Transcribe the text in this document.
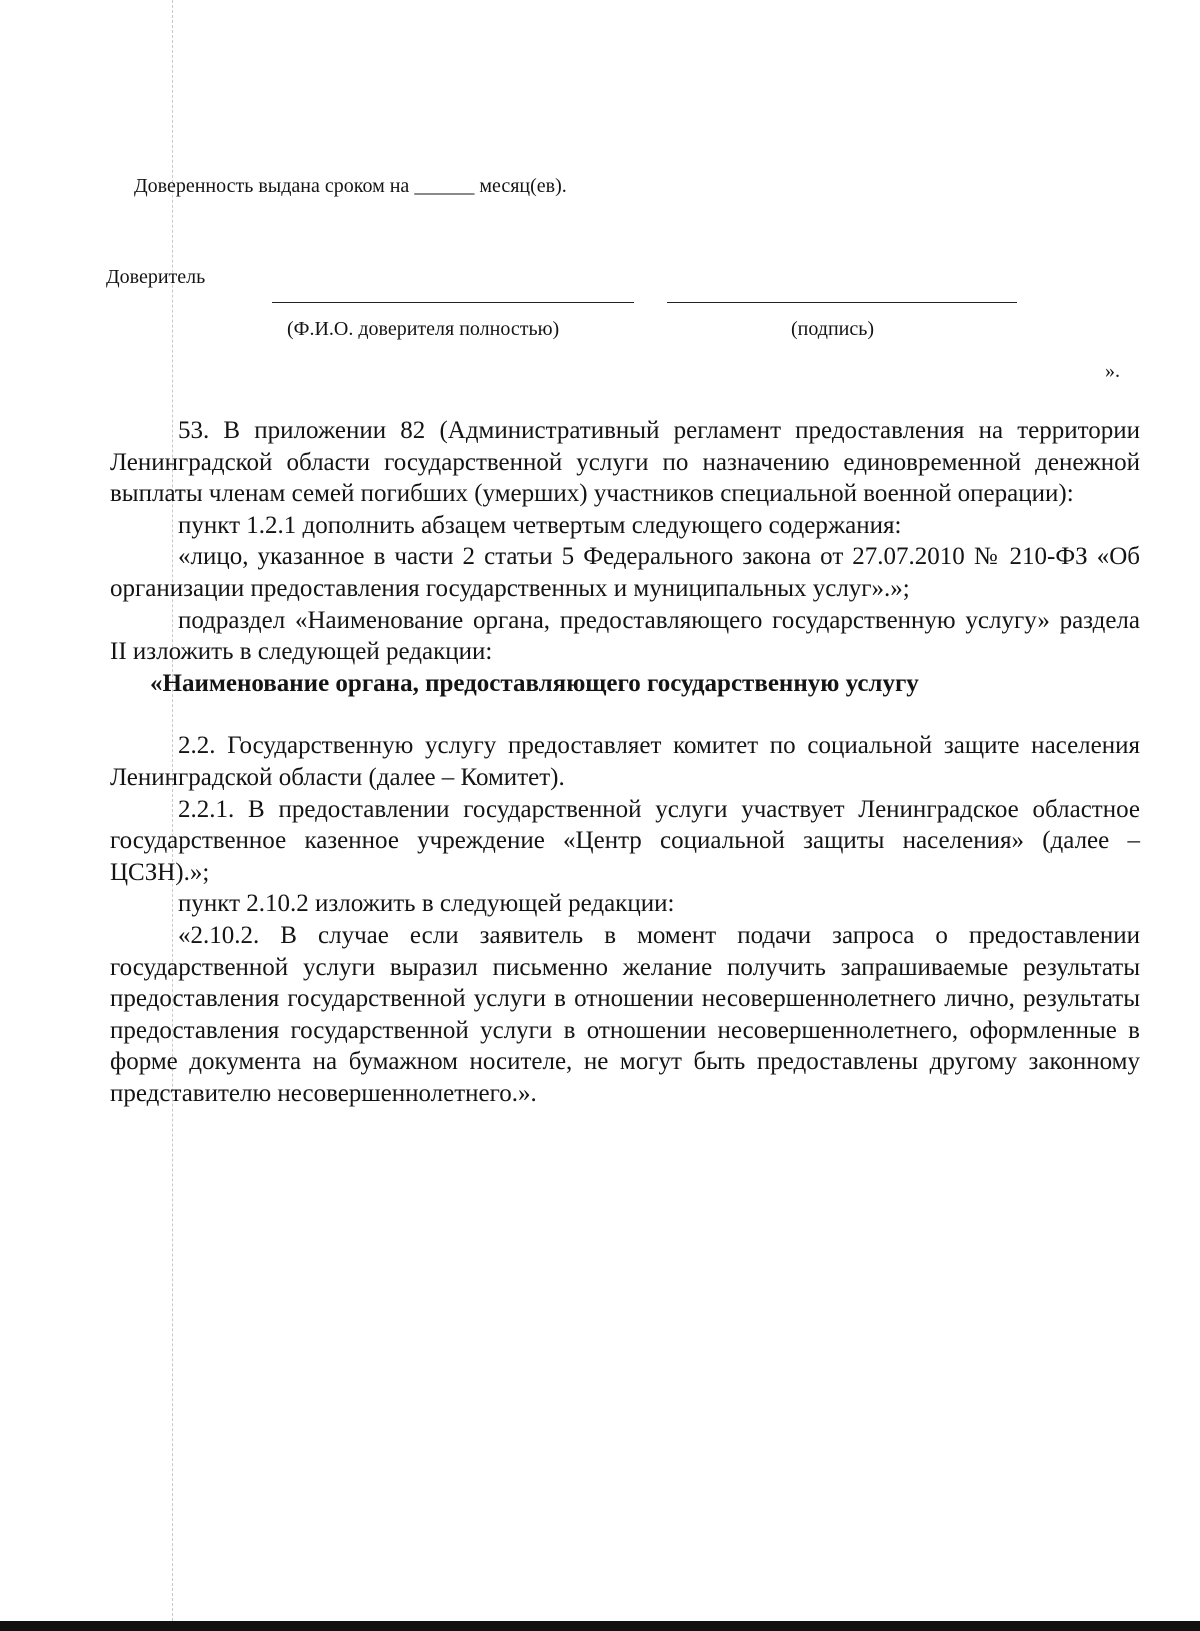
Доверенность выдана сроком на ______ месяц(ев).
Доверитель
(Ф.И.О. доверителя полностью)	(подпись)
».

53. В приложении 82 (Административный регламент предоставления на территории Ленинградской области государственной услуги по назначению единовременной денежной выплаты членам семей погибших (умерших) участников специальной военной операции):

пункт 1.2.1 дополнить абзацем четвертым следующего содержания:

«лицо, указанное в части 2 статьи 5 Федерального закона от 27.07.2010 № 210-ФЗ «Об организации предоставления государственных и муниципальных услуг».»;

подраздел «Наименование органа, предоставляющего государственную услугу» раздела II изложить в следующей редакции:

«Наименование органа, предоставляющего государственную услугу

2.2. Государственную услугу предоставляет комитет по социальной защите населения Ленинградской области (далее – Комитет).

2.2.1. В предоставлении государственной услуги участвует Ленинградское областное государственное казенное учреждение «Центр социальной защиты населения» (далее – ЦСЗН).»;

пункт 2.10.2 изложить в следующей редакции:

«2.10.2. В случае если заявитель в момент подачи запроса о предоставлении государственной услуги выразил письменно желание получить запрашиваемые результаты предоставления государственной услуги в отношении несовершеннолетнего лично, результаты предоставления государственной услуги в отношении несовершеннолетнего, оформленные в форме документа на бумажном носителе, не могут быть предоставлены другому законному представителю несовершеннолетнего.».
